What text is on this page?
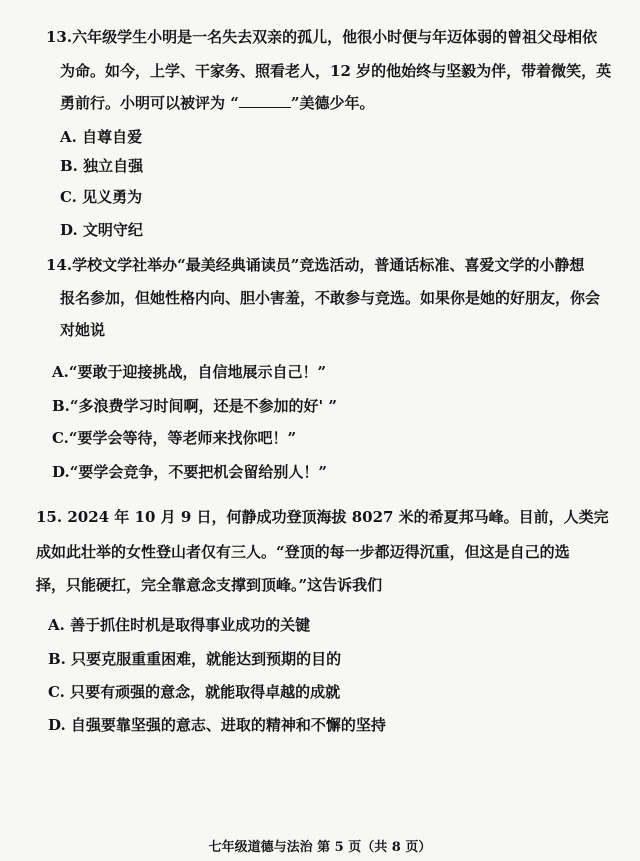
13.六年级学生小明是一名失去双亲的孤儿，他很小时便与年迈体弱的曾祖父母相依

为命。如今，上学、干家务、照看老人，12 岁的他始终与坚毅为伴，带着微笑，英

勇前行。小明可以被评为 “	”美德少年。

A. 自尊自爱

B. 独立自强

C. 见义勇为

D. 文明守纪

14.学校文学社举办“最美经典诵读员”竞选活动，普通话标准、喜爱文学的小静想

报名参加，但她性格内向、胆小害羞，不敢参与竞选。如果你是她的好朋友，你会

对她说

A.“要敢于迎接挑战，自信地展示自己！”

B.“多浪费学习时间啊，还是不参加的好' ”

C.“要学会等待，等老师来找你吧！”

D.“要学会竞争，不要把机会留给别人！”

15. 2024 年 10 月 9 日，何静成功登顶海拔 8027 米的希夏邦马峰。目前，人类完

成如此壮举的女性登山者仅有三人。“登顶的每一步都迈得沉重，但这是自己的选

择，只能硬扛，完全靠意念支撑到顶峰。”这告诉我们

A. 善于抓住时机是取得事业成功的关键

B. 只要克服重重困难，就能达到预期的目的

C. 只要有顽强的意念，就能取得卓越的成就

D. 自强要靠坚强的意志、进取的精神和不懈的坚持

七年级道德与法治 第 5 页（共 8 页）
